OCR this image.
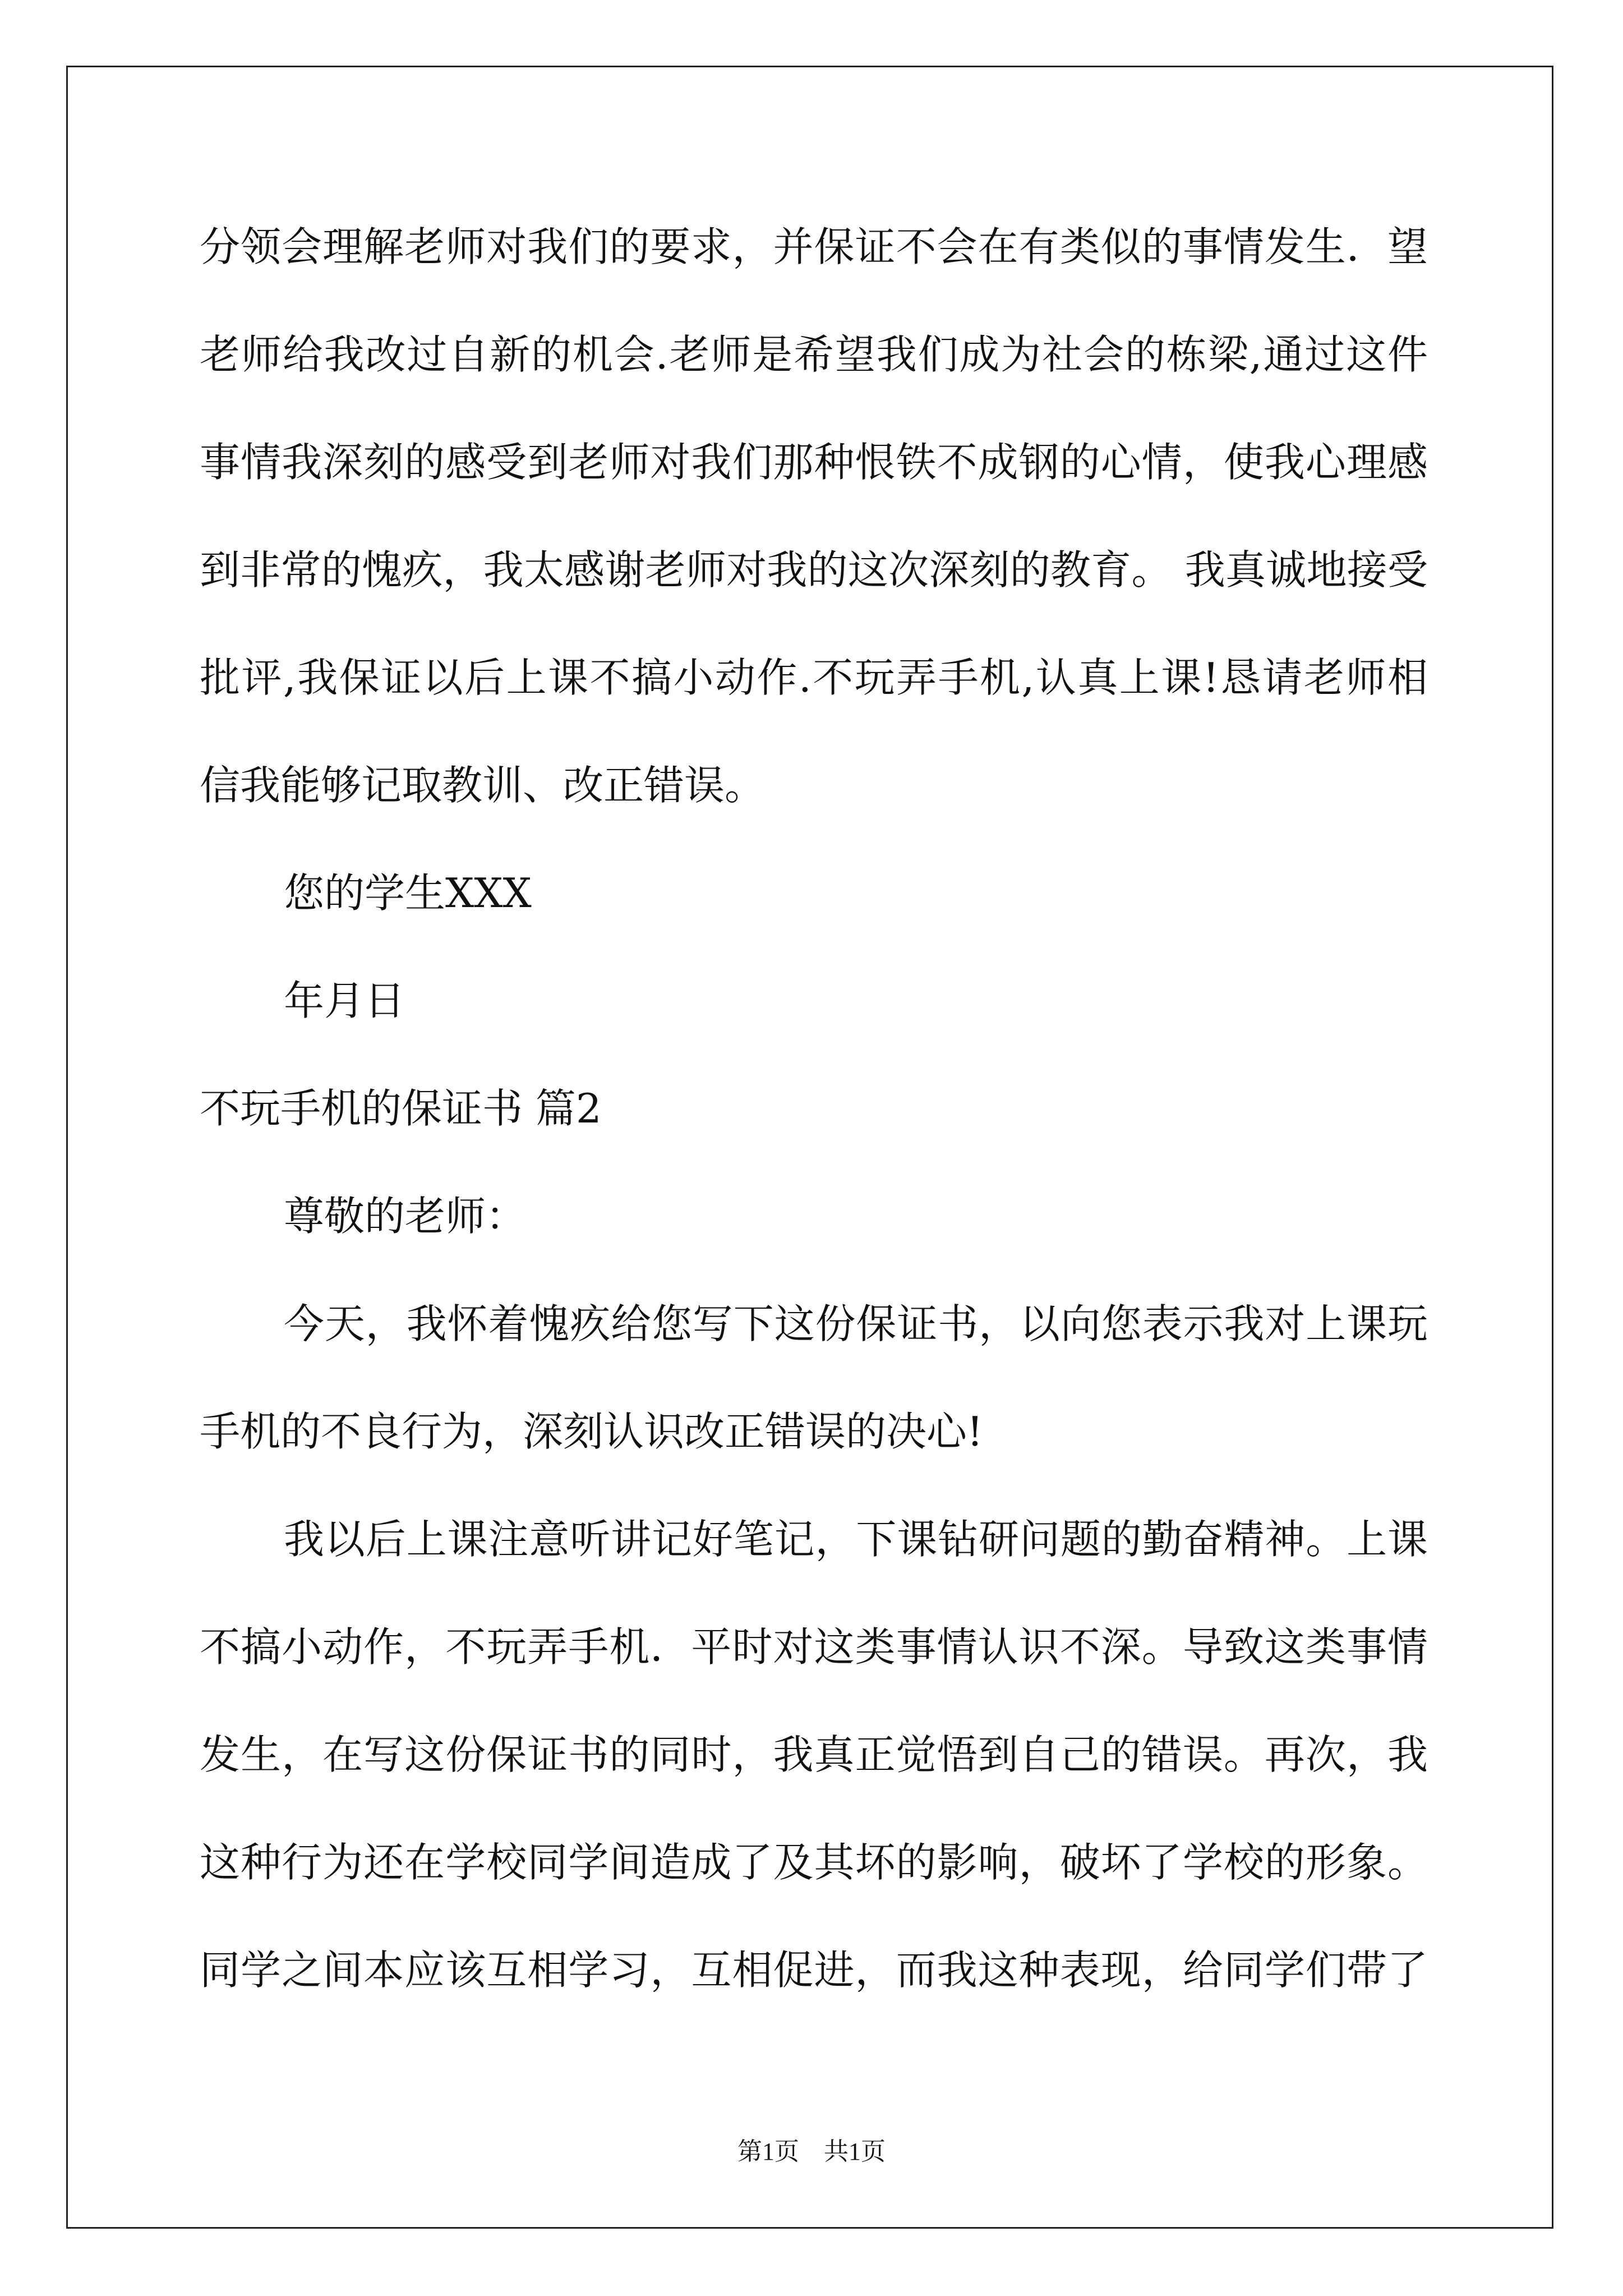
分领会理解老师对我们的要求，并保证不会在有类似的事情发生．望
老师给我改过自新的机会.老师是希望我们成为社会的栋梁,通过这件
事情我深刻的感受到老师对我们那种恨铁不成钢的心情，使我心理感
到非常的愧疚，我太感谢老师对我的这次深刻的教育。 我真诚地接受
批评,我保证以后上课不搞小动作.不玩弄手机,认真上课!恳请老师相
信我能够记取教训、改正错误。
您的学生XXX
年月日
不玩手机的保证书 篇2
尊敬的老师：
今天，我怀着愧疚给您写下这份保证书，以向您表示我对上课玩
手机的不良行为，深刻认识改正错误的决心!
我以后上课注意听讲记好笔记，下课钻研问题的勤奋精神。上课
不搞小动作，不玩弄手机．平时对这类事情认识不深。导致这类事情
发生，在写这份保证书的同时，我真正觉悟到自己的错误。再次，我
这种行为还在学校同学间造成了及其坏的影响，破坏了学校的形象。
同学之间本应该互相学习，互相促进，而我这种表现，给同学们带了
第1页　共1页
